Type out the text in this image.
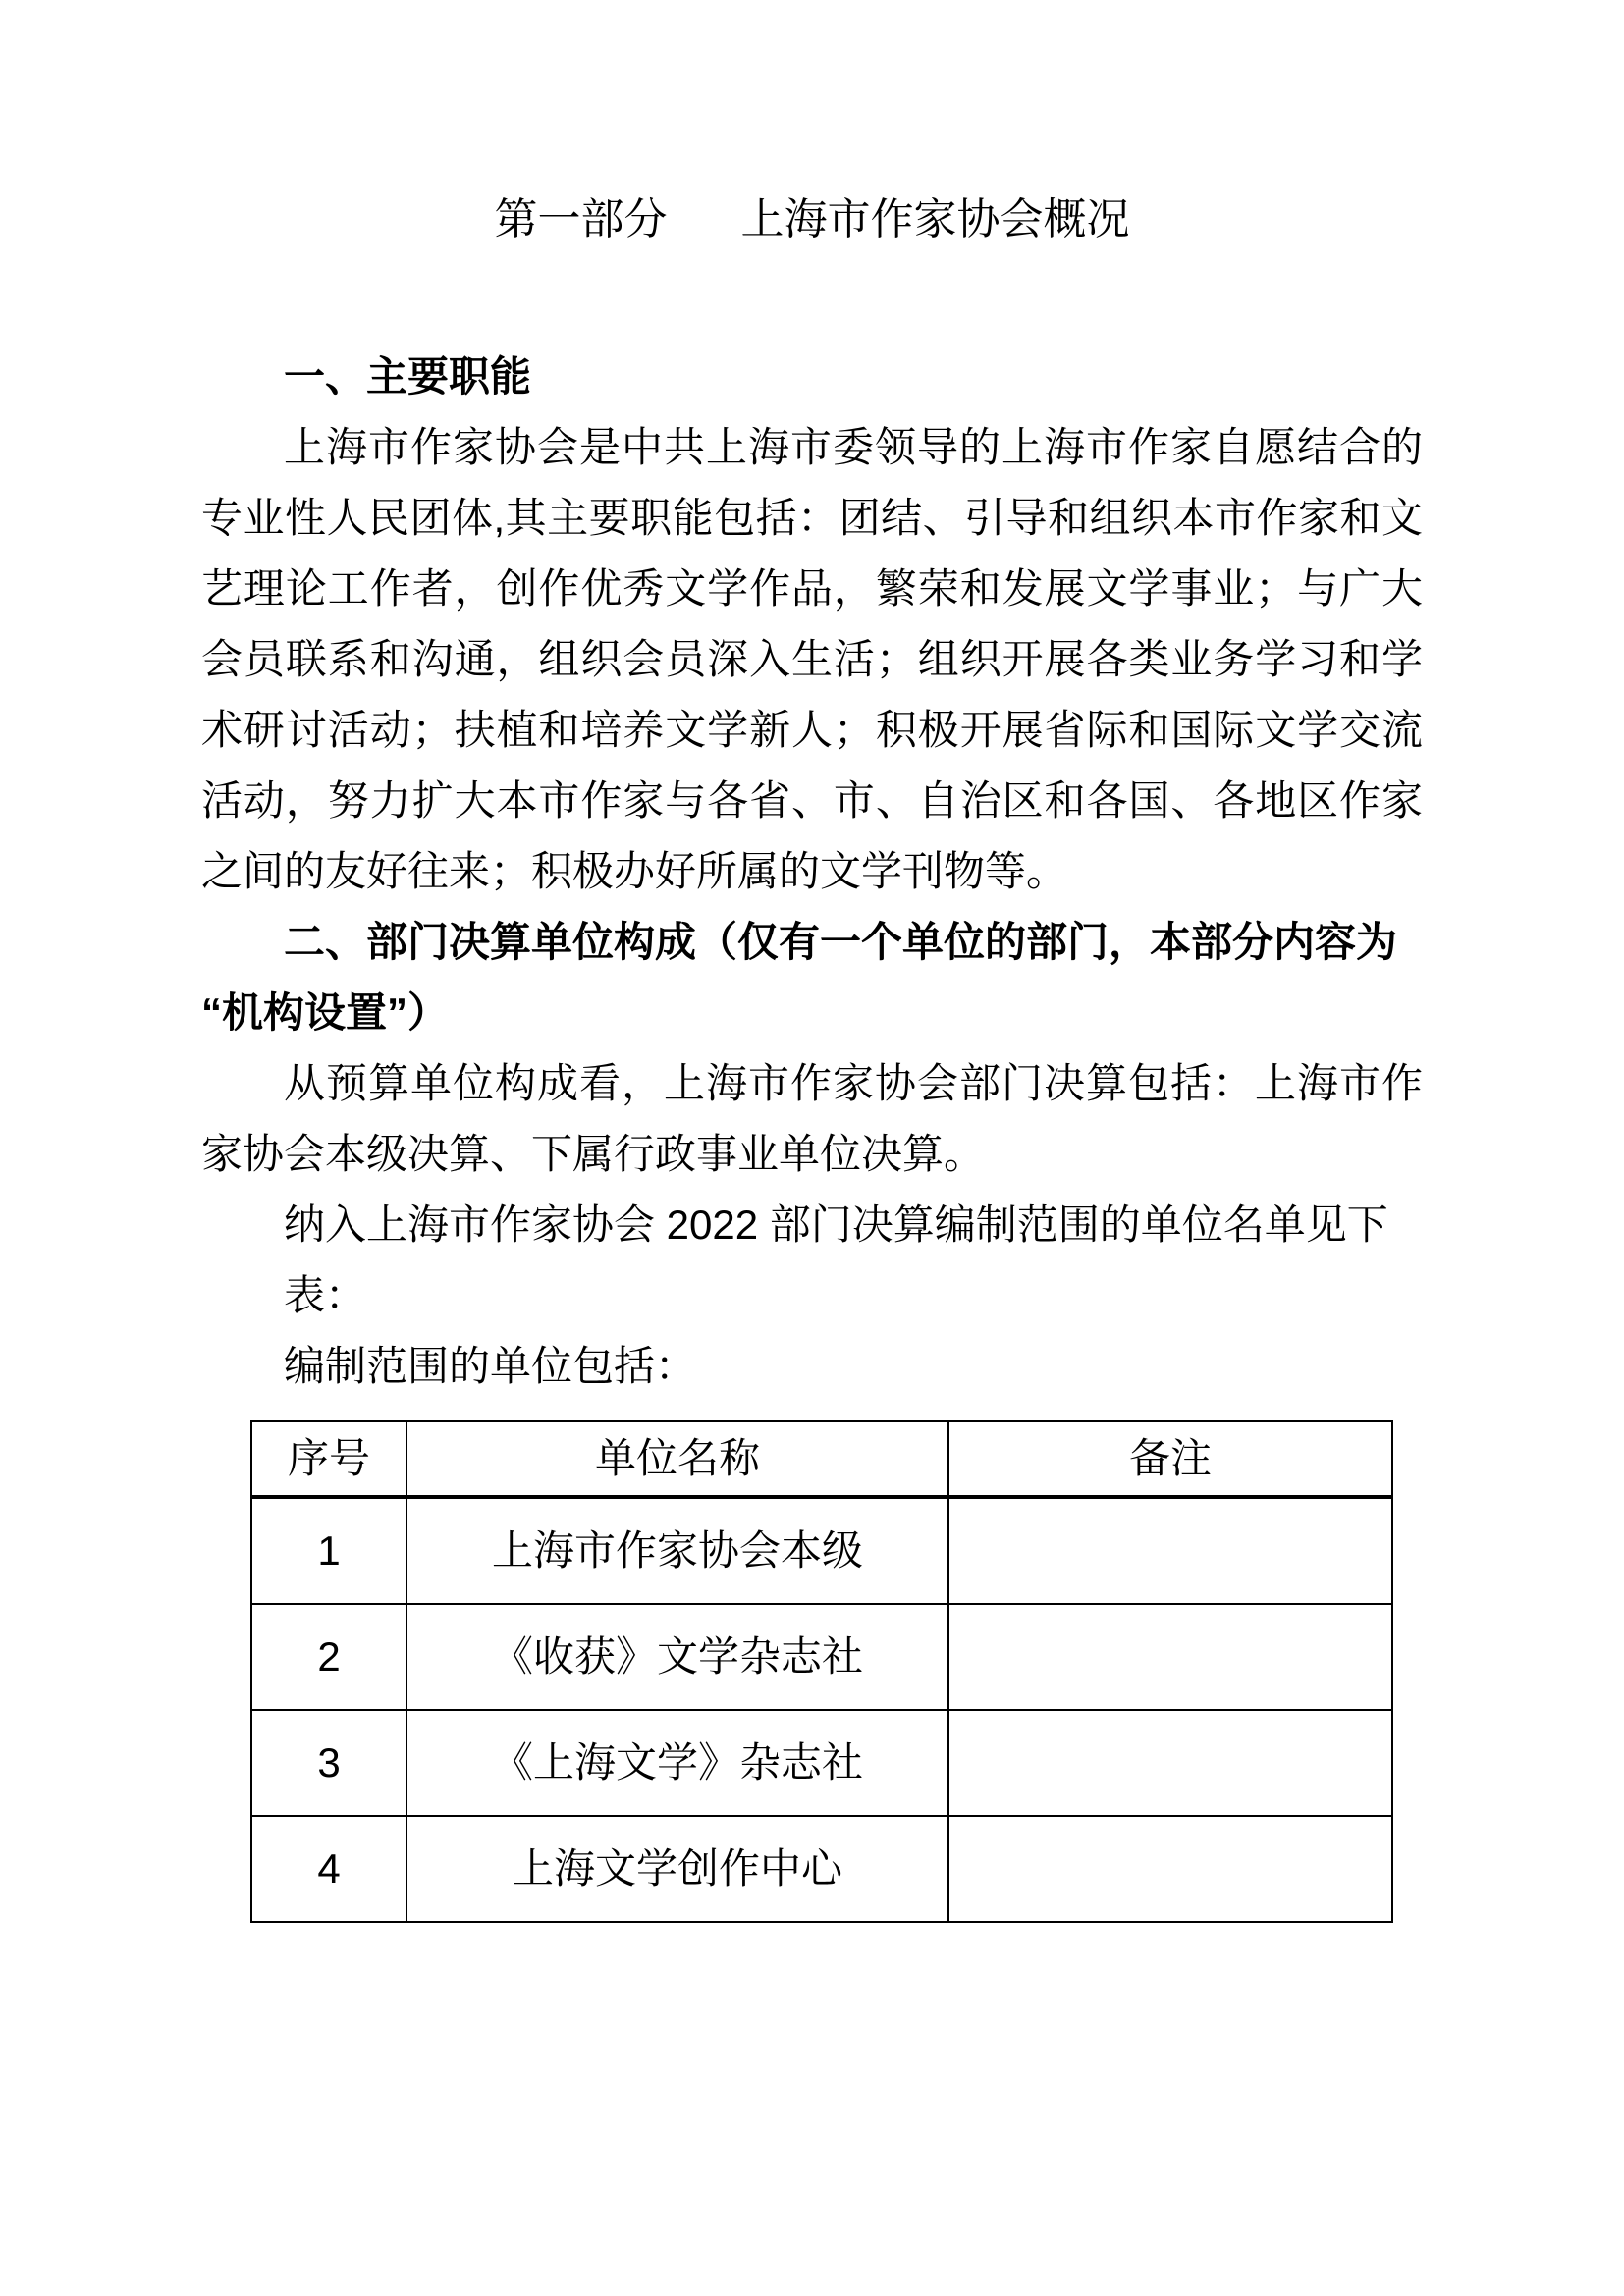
第一部分 上海市作家协会概况
一、主要职能
上海市作家协会是中共上海市委领导的上海市作家自愿结合的
专业性人民团体,其主要职能包括：团结、引导和组织本市作家和文
艺理论工作者，创作优秀文学作品，繁荣和发展文学事业；与广大
会员联系和沟通，组织会员深入生活；组织开展各类业务学习和学
术研讨活动；扶植和培养文学新人；积极开展省际和国际文学交流
活动，努力扩大本市作家与各省、市、自治区和各国、各地区作家
之间的友好往来；积极办好所属的文学刊物等。
二、部门决算单位构成（仅有一个单位的部门，本部分内容为
“机构设置”）
从预算单位构成看，上海市作家协会部门决算包括：上海市作
家协会本级决算、下属行政事业单位决算。
纳入上海市作家协会 2022 部门决算编制范围的单位名单见下表：
编制范围的单位包括：
序号	单位名称	备注
1	上海市作家协会本级	
2	《收获》文学杂志社	
3	《上海文学》杂志社	
4	上海文学创作中心	
